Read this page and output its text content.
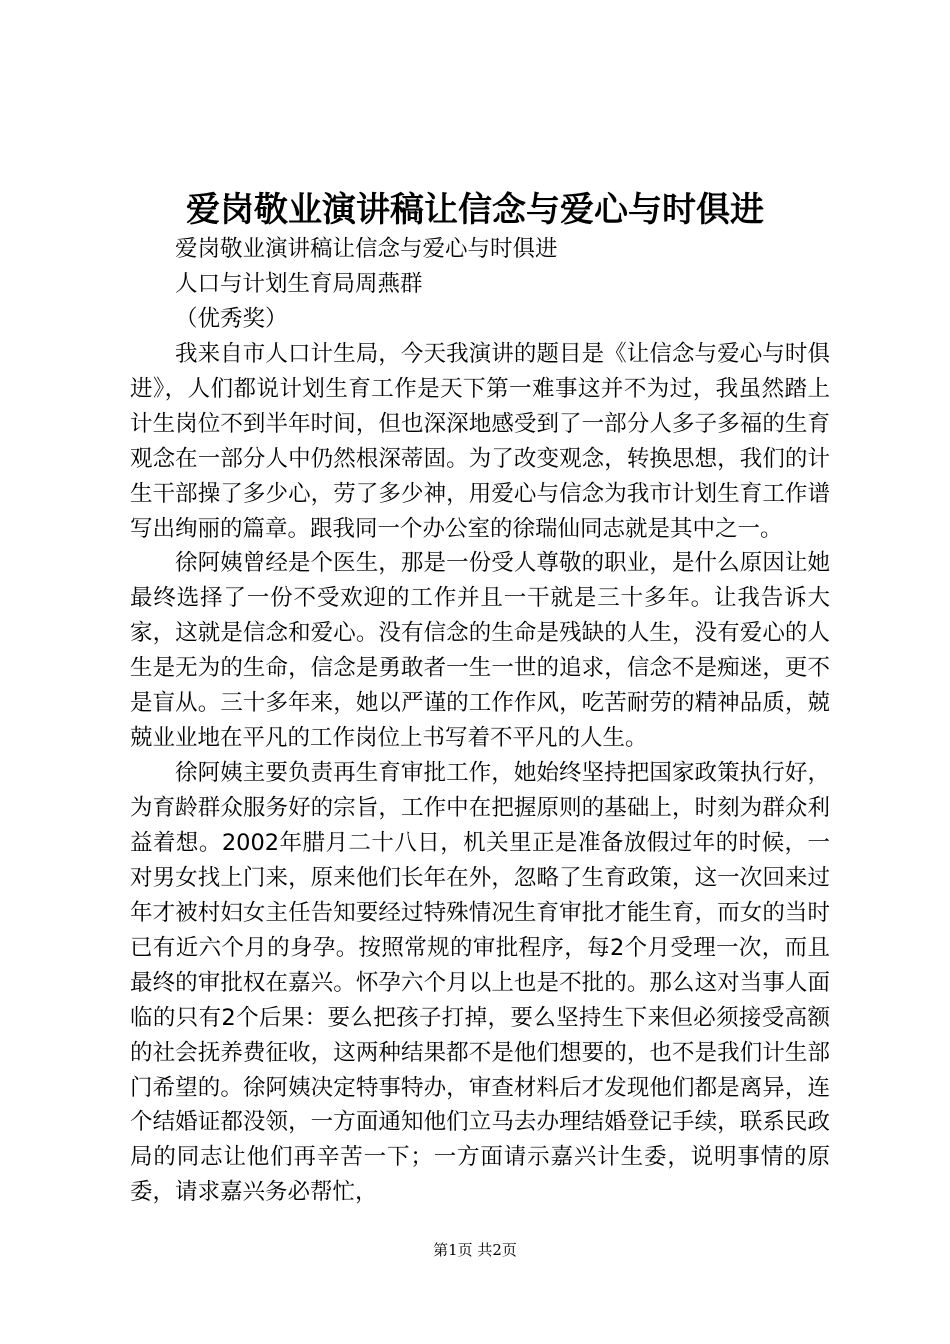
爱岗敬业演讲稿让信念与爱心与时俱进

爱岗敬业演讲稿让信念与爱心与时俱进

人口与计划生育局周燕群

（优秀奖）

我来自市人口计生局，今天我演讲的题目是《让信念与爱心与时俱进》，人们都说计划生育工作是天下第一难事这并不为过，我虽然踏上计生岗位不到半年时间，但也深深地感受到了一部分人多子多福的生育观念在一部分人中仍然根深蒂固。为了改变观念，转换思想，我们的计生干部操了多少心，劳了多少神，用爱心与信念为我市计划生育工作谱写出绚丽的篇章。跟我同一个办公室的徐瑞仙同志就是其中之一。

徐阿姨曾经是个医生，那是一份受人尊敬的职业，是什么原因让她最终选择了一份不受欢迎的工作并且一干就是三十多年。让我告诉大家，这就是信念和爱心。没有信念的生命是残缺的人生，没有爱心的人生是无为的生命，信念是勇敢者一生一世的追求，信念不是痴迷，更不是盲从。三十多年来，她以严谨的工作作风，吃苦耐劳的精神品质，兢兢业业地在平凡的工作岗位上书写着不平凡的人生。

徐阿姨主要负责再生育审批工作，她始终坚持把国家政策执行好，为育龄群众服务好的宗旨，工作中在把握原则的基础上，时刻为群众利益着想。2002年腊月二十八日，机关里正是准备放假过年的时候，一对男女找上门来，原来他们长年在外，忽略了生育政策，这一次回来过年才被村妇女主任告知要经过特殊情况生育审批才能生育，而女的当时已有近六个月的身孕。按照常规的审批程序，每2个月受理一次，而且最终的审批权在嘉兴。怀孕六个月以上也是不批的。那么这对当事人面临的只有2个后果：要么把孩子打掉，要么坚持生下来但必须接受高额的社会抚养费征收，这两种结果都不是他们想要的，也不是我们计生部门希望的。徐阿姨决定特事特办，审查材料后才发现他们都是离异，连个结婚证都没领，一方面通知他们立马去办理结婚登记手续，联系民政局的同志让他们再辛苦一下；一方面请示嘉兴计生委，说明事情的原委，请求嘉兴务必帮忙，

第1页 共2页
